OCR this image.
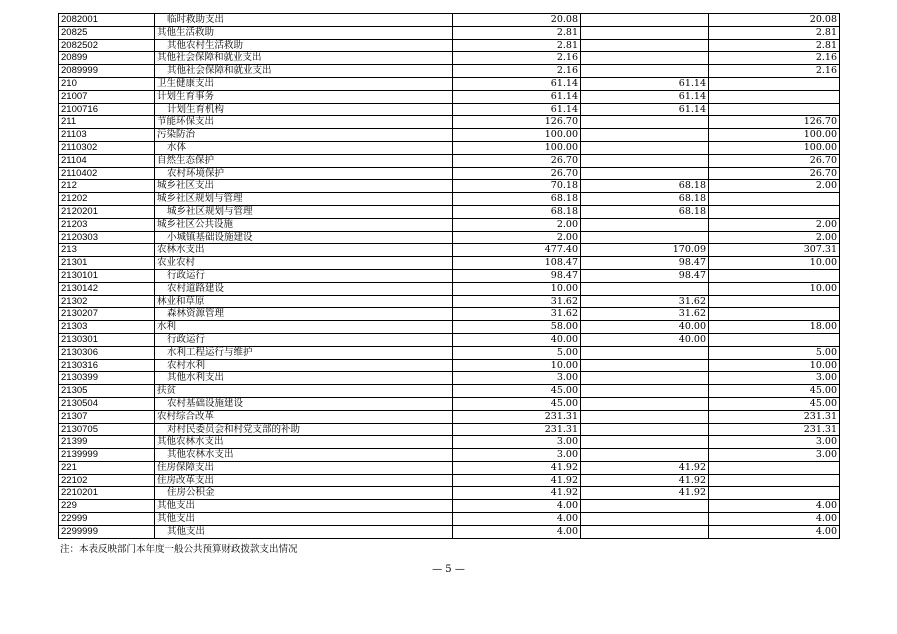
2082001	临时救助支出	20.08		20.08
20825	其他生活救助	2.81		2.81
2082502	其他农村生活救助	2.81		2.81
20899	其他社会保障和就业支出	2.16		2.16
2089999	其他社会保障和就业支出	2.16		2.16
210	卫生健康支出	61.14	61.14	
21007	计划生育事务	61.14	61.14	
2100716	计划生育机构	61.14	61.14	
211	节能环保支出	126.70		126.70
21103	污染防治	100.00		100.00
2110302	水体	100.00		100.00
21104	自然生态保护	26.70		26.70
2110402	农村环境保护	26.70		26.70
212	城乡社区支出	70.18	68.18	2.00
21202	城乡社区规划与管理	68.18	68.18	
2120201	城乡社区规划与管理	68.18	68.18	
21203	城乡社区公共设施	2.00		2.00
2120303	小城镇基础设施建设	2.00		2.00
213	农林水支出	477.40	170.09	307.31
21301	农业农村	108.47	98.47	10.00
2130101	行政运行	98.47	98.47	
2130142	农村道路建设	10.00		10.00
21302	林业和草原	31.62	31.62	
2130207	森林资源管理	31.62	31.62	
21303	水利	58.00	40.00	18.00
2130301	行政运行	40.00	40.00	
2130306	水利工程运行与维护	5.00		5.00
2130316	农村水利	10.00		10.00
2130399	其他水利支出	3.00		3.00
21305	扶贫	45.00		45.00
2130504	农村基础设施建设	45.00		45.00
21307	农村综合改革	231.31		231.31
2130705	对村民委员会和村党支部的补助	231.31		231.31
21399	其他农林水支出	3.00		3.00
2139999	其他农林水支出	3.00		3.00
221	住房保障支出	41.92	41.92	
22102	住房改革支出	41.92	41.92	
2210201	住房公积金	41.92	41.92	
229	其他支出	4.00		4.00
22999	其他支出	4.00		4.00
2299999	其他支出	4.00		4.00
注：本表反映部门本年度一般公共预算财政拨款支出情况
— 5 —
